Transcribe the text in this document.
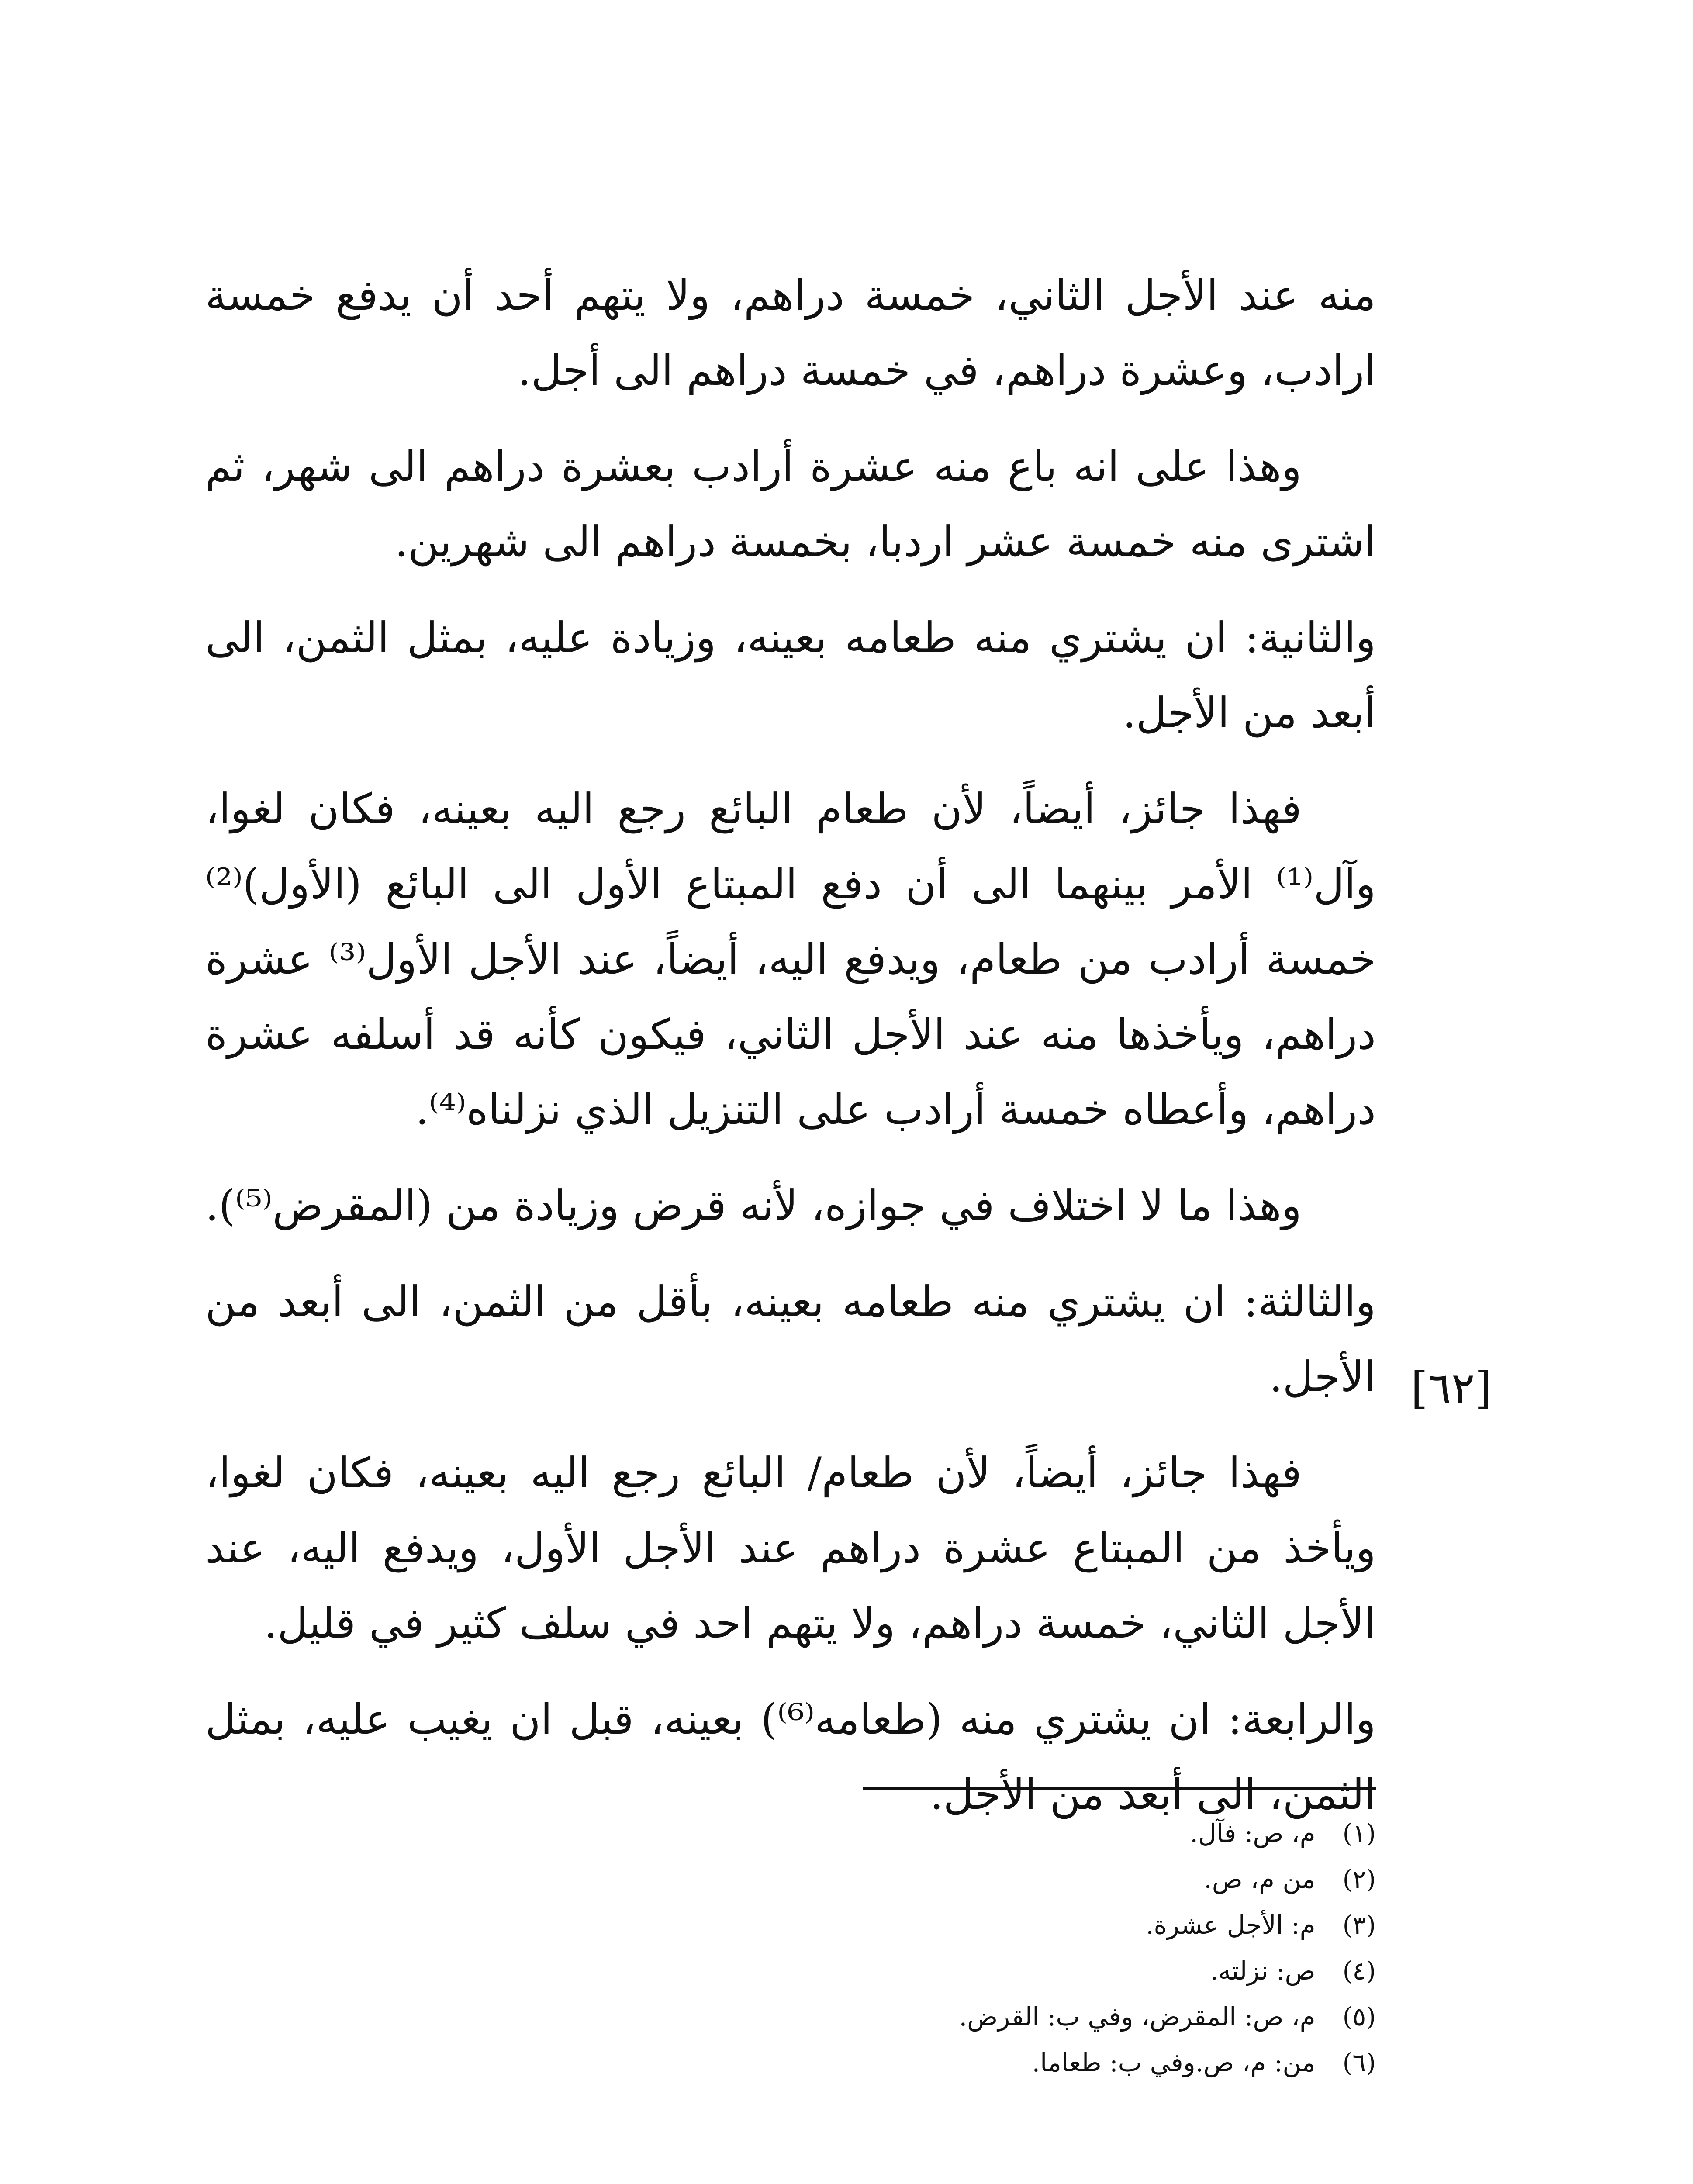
منه عند الأجل الثاني، خمسة دراهم، ولا يتهم أحد أن يدفع خمسة ارادب، وعشرة دراهم، في خمسة دراهم الى أجل.

وهذا على انه باع منه عشرة أرادب بعشرة دراهم الى شهر، ثم اشترى منه خمسة عشر اردبا، بخمسة دراهم الى شهرين.

والثانية: ان يشتري منه طعامه بعينه، وزيادة عليه، بمثل الثمن، الى أبعد من الأجل.

فهذا جائز، أيضاً، لأن طعام البائع رجع اليه بعينه، فكان لغوا، وآل⁽¹⁾ الأمر بينهما الى أن دفع المبتاع الأول الى البائع (الأول)⁽²⁾ خمسة أرادب من طعام، ويدفع اليه، أيضاً، عند الأجل الأول⁽³⁾ عشرة دراهم، ويأخذها منه عند الأجل الثاني، فيكون كأنه قد أسلفه عشرة دراهم، وأعطاه خمسة أرادب على التنزيل الذي نزلناه⁽⁴⁾.

وهذا ما لا اختلاف في جوازه، لأنه قرض وزيادة من (المقرض⁽⁵⁾).

والثالثة: ان يشتري منه طعامه بعينه، بأقل من الثمن، الى أبعد من الأجل.

فهذا جائز، أيضاً، لأن طعام/ البائع رجع اليه بعينه، فكان لغوا، ويأخذ من المبتاع عشرة دراهم عند الأجل الأول، ويدفع اليه، عند الأجل الثاني، خمسة دراهم، ولا يتهم احد في سلف كثير في قليل.

والرابعة: ان يشتري منه (طعامه⁽⁶⁾) بعينه، قبل ان يغيب عليه، بمثل الثمن، الى أبعد من الأجل.

[٦٢]
(١) م، ص: فآل.
(٢) من م، ص.
(٣) م: الأجل عشرة.
(٤) ص: نزلته.
(٥) م، ص: المقرض، وفي ب: القرض.
(٦) من: م، ص.وفي ب: طعاما.
